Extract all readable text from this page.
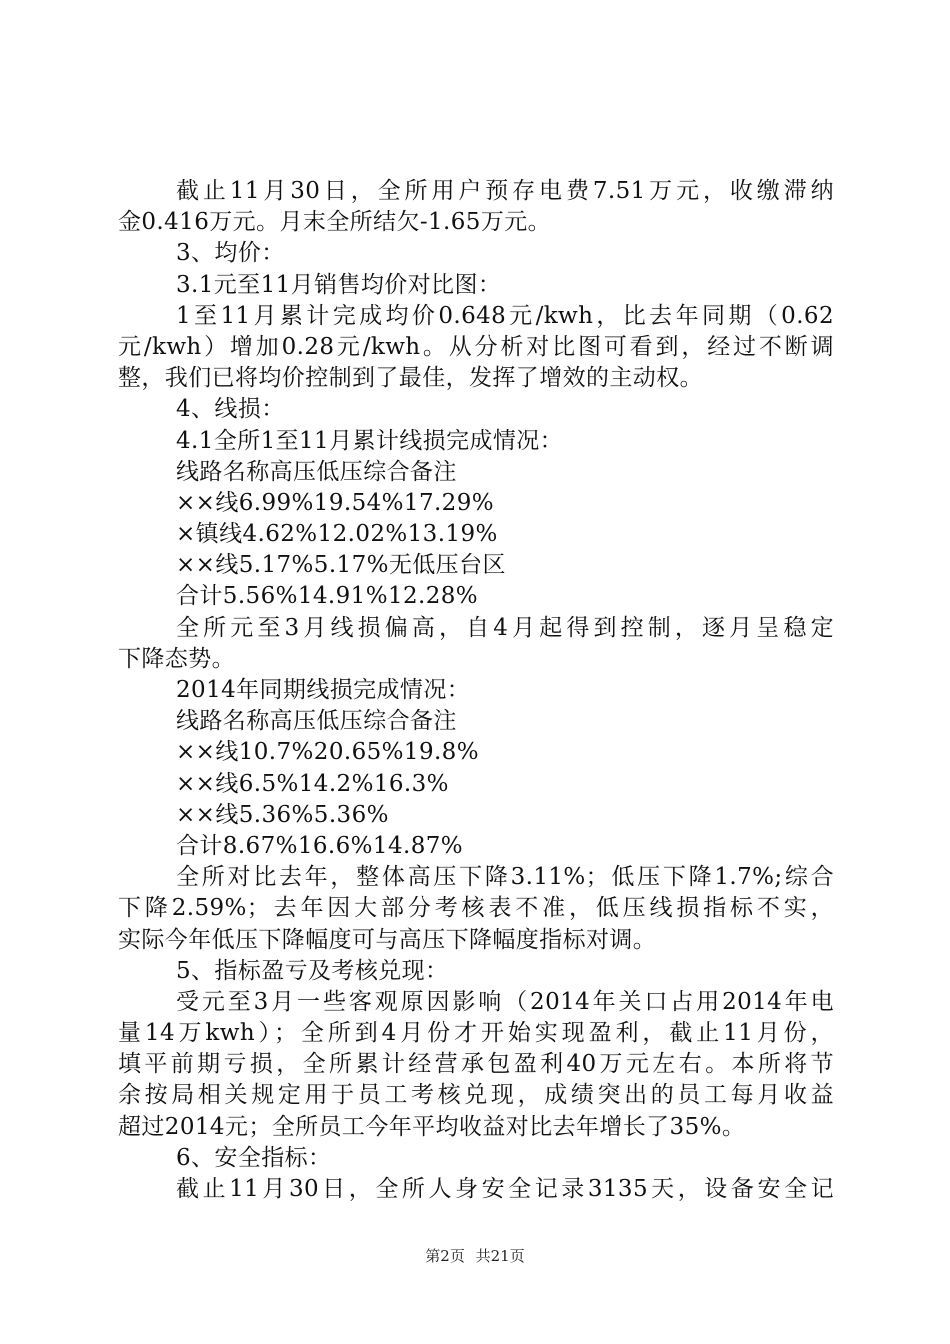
截止11月30日，全所用户预存电费7.51万元，收缴滞纳
金0.416万元。月末全所结欠-1.65万元。
3、均价：
3.1元至11月销售均价对比图：
1至11月累计完成均价0.648元/kwh，比去年同期（0.62
元/kwh）增加0.28元/kwh。从分析对比图可看到，经过不断调
整，我们已将均价控制到了最佳，发挥了增效的主动权。
4、线损：
4.1全所1至11月累计线损完成情况：
线路名称高压低压综合备注
××线6.99%19.54%17.29%
×镇线4.62%12.02%13.19%
××线5.17%5.17%无低压台区
合计5.56%14.91%12.28%
全所元至3月线损偏高，自4月起得到控制，逐月呈稳定
下降态势。
2014年同期线损完成情况：
线路名称高压低压综合备注
××线10.7%20.65%19.8%
××线6.5%14.2%16.3%
××线5.36%5.36%
合计8.67%16.6%14.87%
全所对比去年，整体高压下降3.11%；低压下降1.7%;综合
下降2.59%；去年因大部分考核表不准，低压线损指标不实，
实际今年低压下降幅度可与高压下降幅度指标对调。
5、指标盈亏及考核兑现：
受元至3月一些客观原因影响（2014年关口占用2014年电
量14万kwh）；全所到4月份才开始实现盈利，截止11月份，
填平前期亏损，全所累计经营承包盈利40万元左右。本所将节
余按局相关规定用于员工考核兑现，成绩突出的员工每月收益
超过2014元；全所员工今年平均收益对比去年增长了35%。
6、安全指标：
截止11月30日，全所人身安全记录3135天，设备安全记
第2页 共21页
